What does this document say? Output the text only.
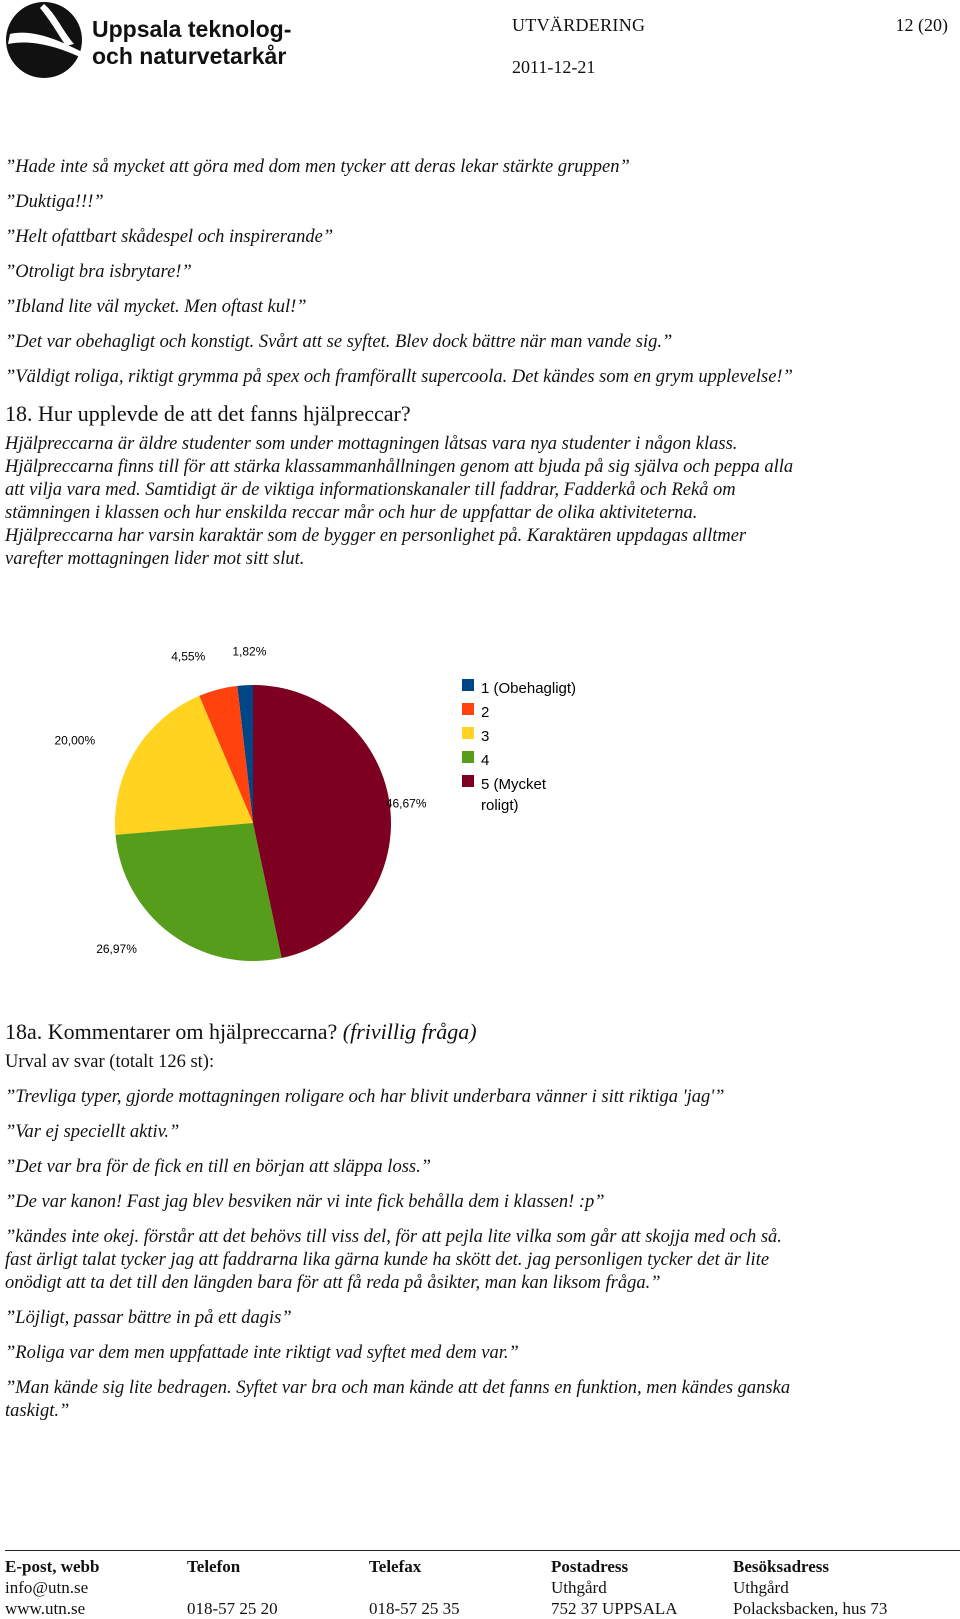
Uppsala teknolog-
och naturvetarkår
UTVÄRDERING
2011-12-21
12 (20)

”Hade inte så mycket att göra med dom men tycker att deras lekar stärkte gruppen”

”Duktiga!!!”

”Helt ofattbart skådespel och inspirerande”

”Otroligt bra isbrytare!”

”Ibland lite väl mycket. Men oftast kul!”

”Det var obehagligt och konstigt. Svårt att se syftet. Blev dock bättre när man vande sig.”

”Väldigt roliga, riktigt grymma på spex och framförallt supercoola. Det kändes som en grym upplevelse!”

18. Hur upplevde de att det fanns hjälpreccar?

Hjälpreccarna är äldre studenter som under mottagningen låtsas vara nya studenter i någon klass. Hjälpreccarna finns till för att stärka klassammanhållningen genom att bjuda på sig själva och peppa alla att vilja vara med. Samtidigt är de viktiga informationskanaler till faddrar, Fadderkå och Rekå om stämningen i klassen och hur enskilda reccar mår och hur de uppfattar de olika aktiviteterna. Hjälpreccarna har varsin karaktär som de bygger en personlighet på. Karaktären uppdagas alltmer varefter mottagningen lider mot sitt slut.

1,82%
4,55%
20,00%
26,97%
46,67%
1 (Obehagligt)
2
3
4
5 (Mycket roligt)
18a. Kommentarer om hjälpreccarna? (frivillig fråga)

Urval av svar (totalt 126 st):

”Trevliga typer, gjorde mottagningen roligare och har blivit underbara vänner i sitt riktiga 'jag'”

”Var ej speciellt aktiv.”

”Det var bra för de fick en till en början att släppa loss.”

”De var kanon! Fast jag blev besviken när vi inte fick behålla dem i klassen! :p”

”kändes inte okej. förstår att det behövs till viss del, för att pejla lite vilka som går att skojja med och så. fast ärligt talat tycker jag att faddrarna lika gärna kunde ha skött det. jag personligen tycker det är lite onödigt att ta det till den längden bara för att få reda på åsikter, man kan liksom fråga.”

”Löjligt, passar bättre in på ett dagis”

”Roliga var dem men uppfattade inte riktigt vad syftet med dem var.”

”Man kände sig lite bedragen. Syftet var bra och man kände att det fanns en funktion, men kändes ganska taskigt.”

E-post, webb
info@utn.se
www.utn.se
Telefon

018-57 25 20
Telefax

018-57 25 35
Postadress
Uthgård
752 37 UPPSALA
Besöksadress
Uthgård
Polacksbacken, hus 73
